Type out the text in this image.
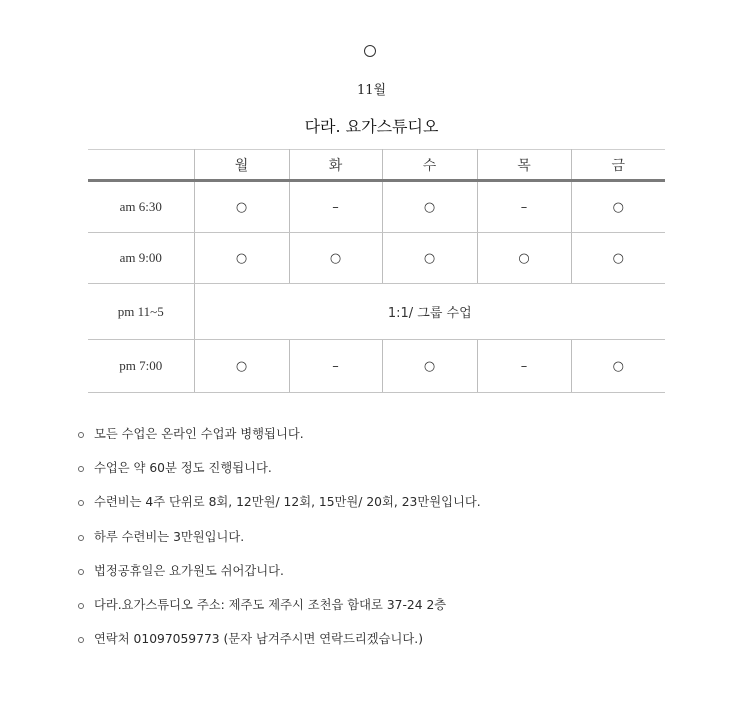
11월
다라. 요가스튜디오
	월	화	수	목	금
am 6:30	○	–	○	–	○
am 9:00	○	○	○	○	○
pm 11~5	1:1/ 그룹 수업				
pm 7:00	○	–	○	–	○
모든 수업은 온라인 수업과 병행됩니다.
수업은 약 60분 정도 진행됩니다.
수련비는 4주 단위로 8회, 12만원/ 12회, 15만원/ 20회, 23만원입니다.
하루 수련비는 3만원입니다.
법정공휴일은 요가원도 쉬어갑니다.
다라.요가스튜디오 주소: 제주도 제주시 조천읍 함대로 37-24 2층
연락처 01097059773 (문자 남겨주시면 연락드리겠습니다.)
